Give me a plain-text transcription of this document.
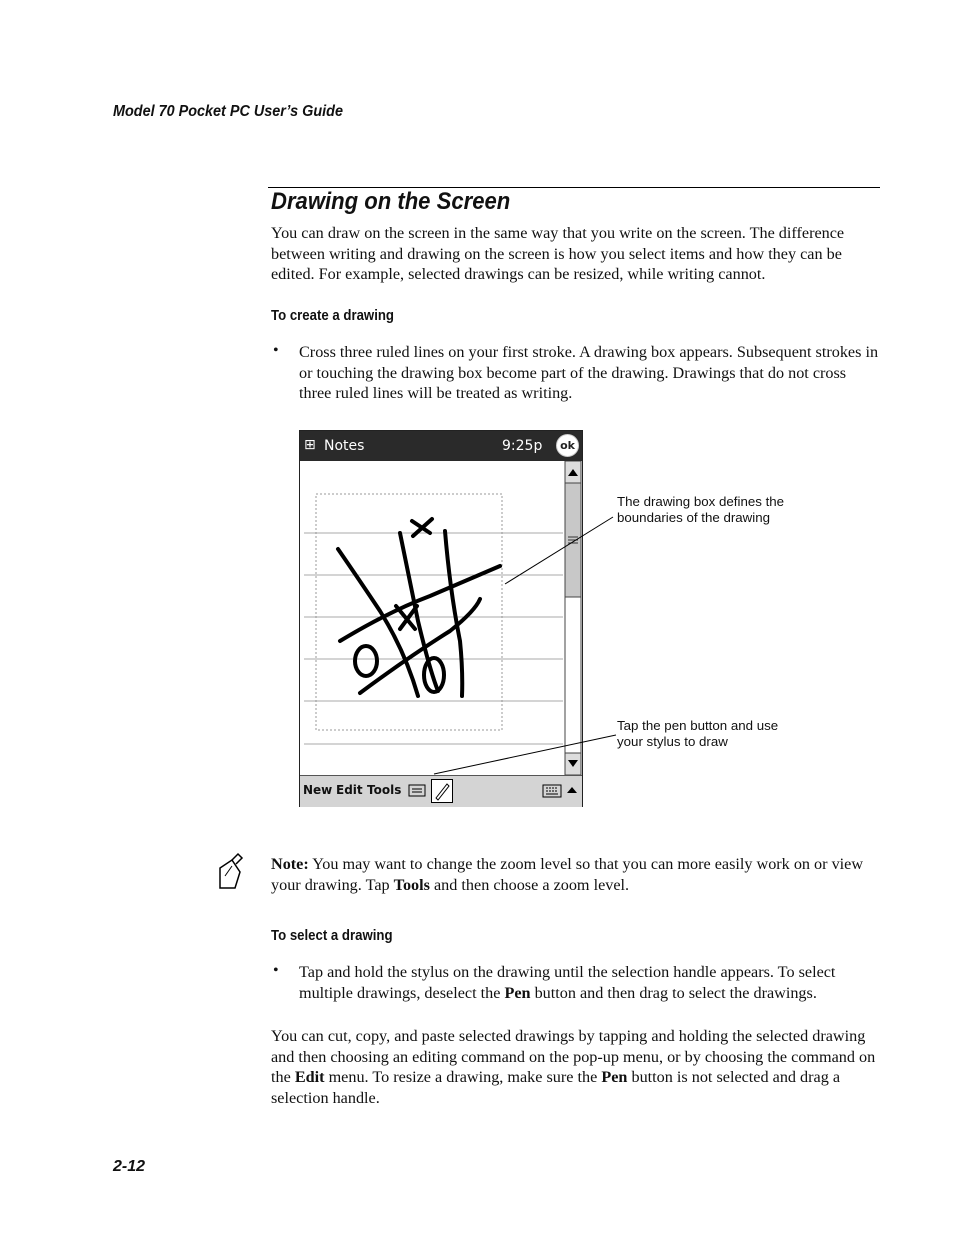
Model 70 Pocket PC User’s Guide
Drawing on the Screen
You can draw on the screen in the same way that you write on the screen. The difference between writing and drawing on the screen is how you select items and how they can be edited. For example, selected drawings can be resized, while writing cannot.
To create a drawing
• Cross three ruled lines on your first stroke. A drawing box appears. Subsequent strokes in or touching the drawing box become part of the drawing. Drawings that do not cross three ruled lines will be treated as writing.
⊞ Notes	9:25p	ok
New Edit Tools
The drawing box defines the boundaries of the drawing
Tap the pen button and use your stylus to draw
Note: You may want to change the zoom level so that you can more easily work on or view your drawing. Tap Tools and then choose a zoom level.
To select a drawing
• Tap and hold the stylus on the drawing until the selection handle appears. To select multiple drawings, deselect the Pen button and then drag to select the drawings.
You can cut, copy, and paste selected drawings by tapping and holding the selected drawing and then choosing an editing command on the pop-up menu, or by choosing the command on the Edit menu. To resize a drawing, make sure the Pen button is not selected and drag a selection handle.
2-12
